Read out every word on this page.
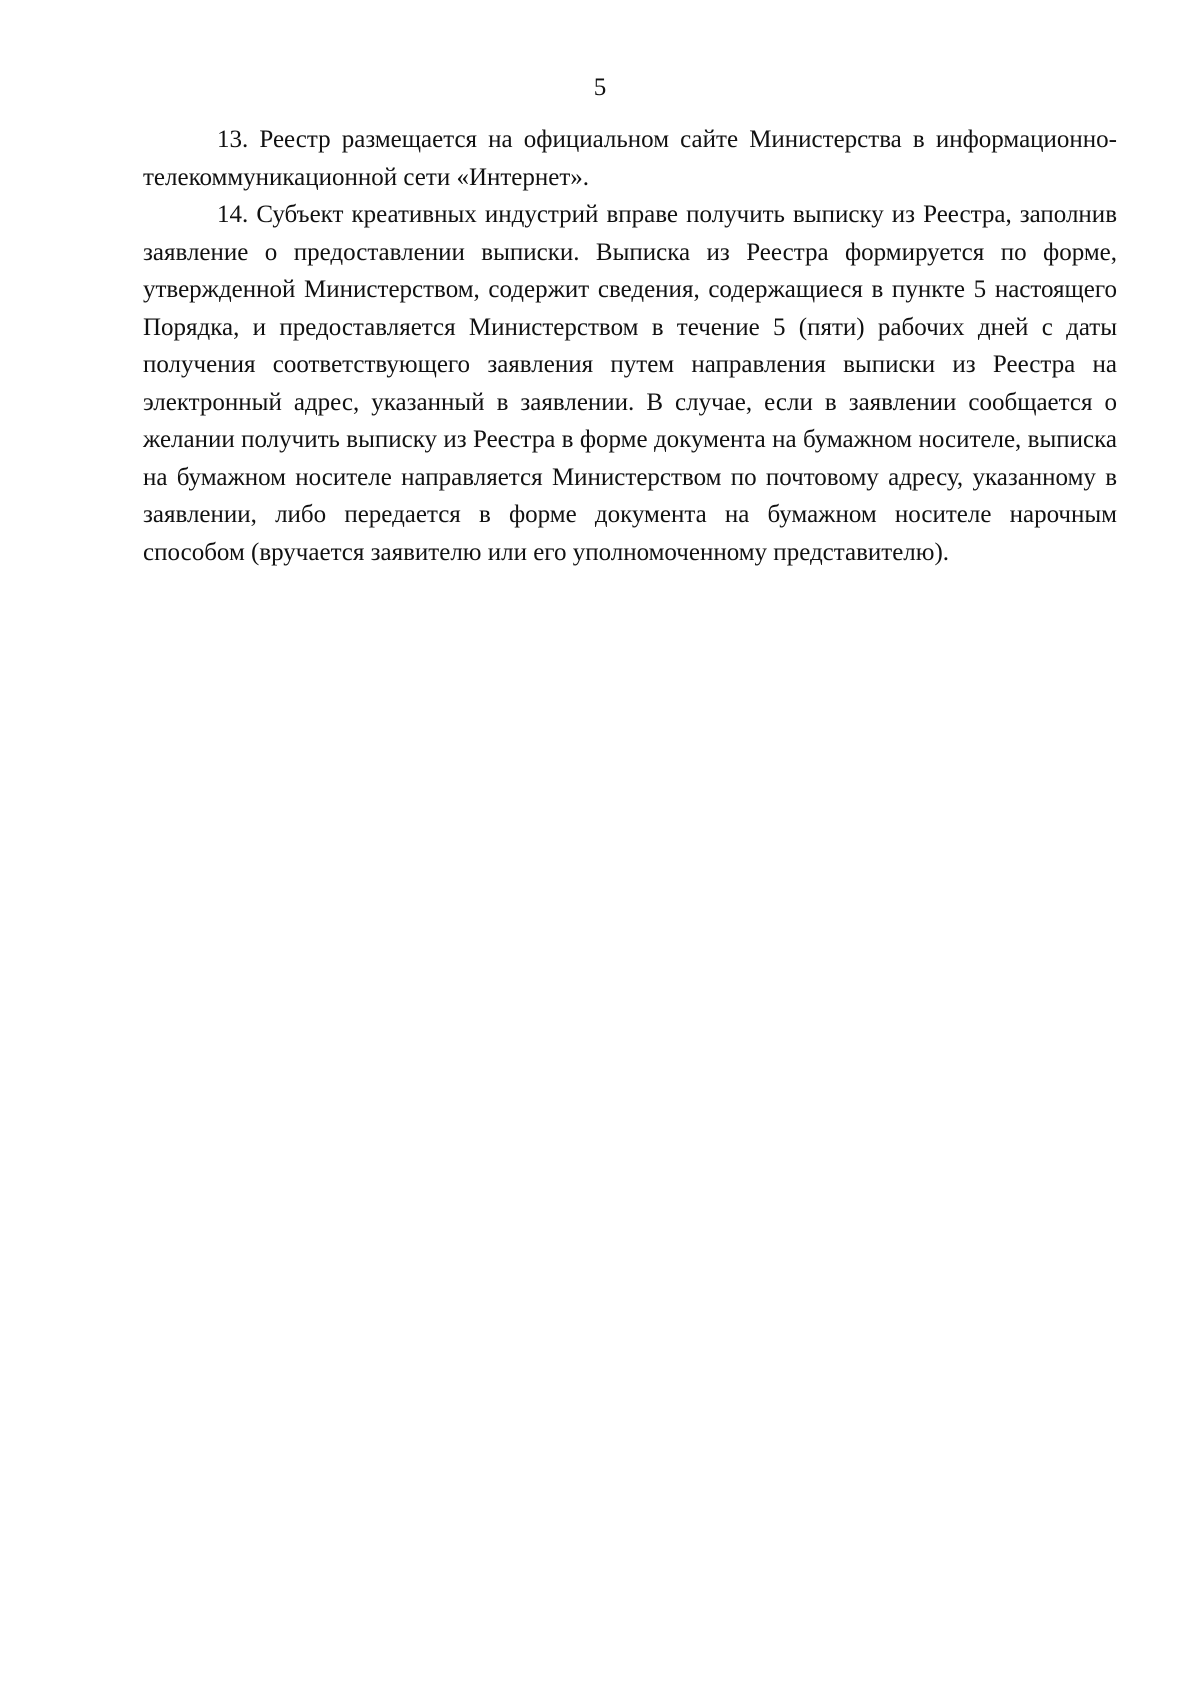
5

13. Реестр размещается на официальном сайте Министерства в информационно-телекоммуникационной сети «Интернет».

14. Субъект креативных индустрий вправе получить выписку из Реестра, заполнив заявление о предоставлении выписки. Выписка из Реестра формируется по форме, утвержденной Министерством, содержит сведения, содержащиеся в пункте 5 настоящего Порядка, и предоставляется Министерством в течение 5 (пяти) рабочих дней с даты получения соответствующего заявления путем направления выписки из Реестра на электронный адрес, указанный в заявлении. В случае, если в заявлении сообщается о желании получить выписку из Реестра в форме документа на бумажном носителе, выписка на бумажном носителе направляется Министерством по почтовому адресу, указанному в заявлении, либо передается в форме документа на бумажном носителе нарочным способом (вручается заявителю или его уполномоченному представителю).
